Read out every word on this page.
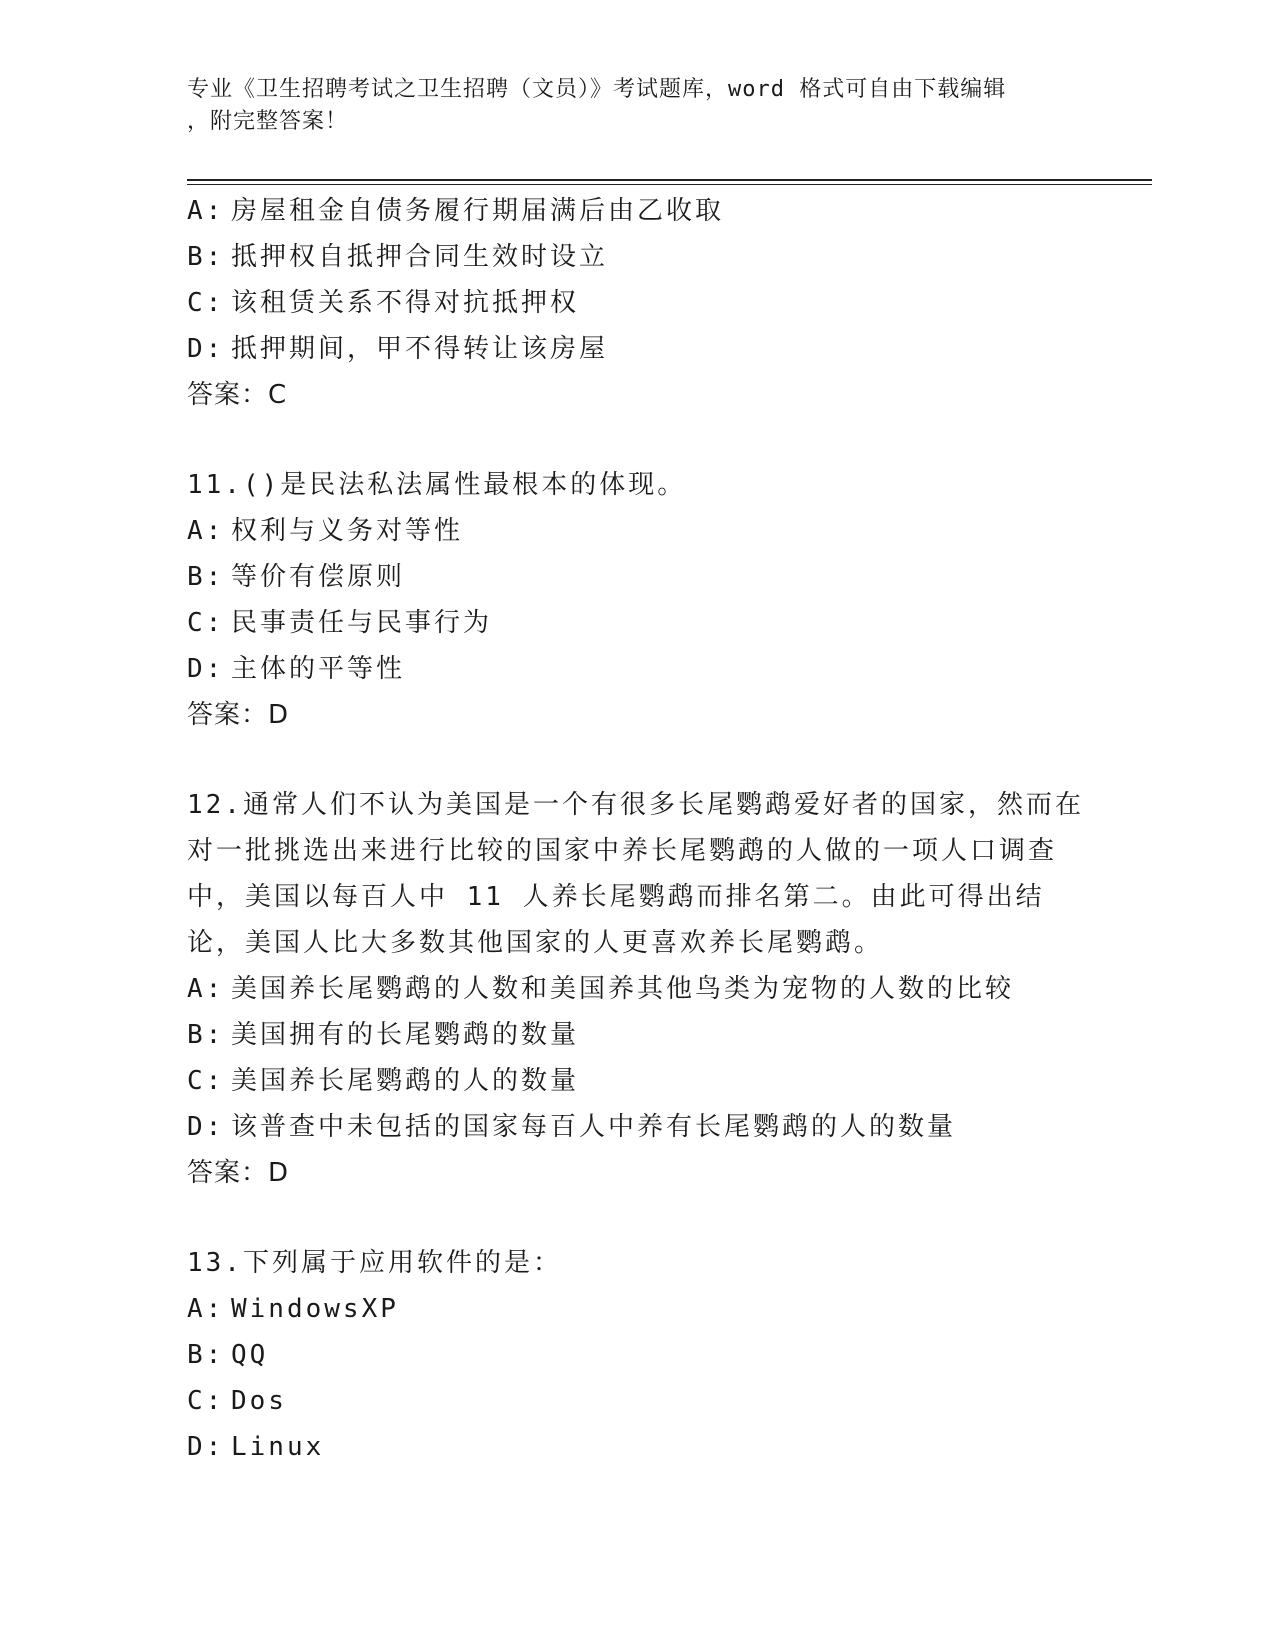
专业《卫生招聘考试之卫生招聘（文员）》考试题库，word 格式可自由下载编辑

，附完整答案！

A: 房屋租金自债务履行期届满后由乙收取
B: 抵押权自抵押合同生效时设立
C: 该租赁关系不得对抗抵押权
D: 抵押期间，甲不得转让该房屋
答案：C
11.()是民法私法属性最根本的体现。
A: 权利与义务对等性
B: 等价有偿原则
C: 民事责任与民事行为
D: 主体的平等性
答案：D
12.通常人们不认为美国是一个有很多长尾鹦鹉爱好者的国家，然而在对一批挑选出来进行比较的国家中养长尾鹦鹉的人做的一项人口调查中，美国以每百人中 11 人养长尾鹦鹉而排名第二。由此可得出结论，美国人比大多数其他国家的人更喜欢养长尾鹦鹉。
A: 美国养长尾鹦鹉的人数和美国养其他鸟类为宠物的人数的比较
B: 美国拥有的长尾鹦鹉的数量
C: 美国养长尾鹦鹉的人的数量
D: 该普查中未包括的国家每百人中养有长尾鹦鹉的人的数量
答案：D
13.下列属于应用软件的是：
A: WindowsXP
B: QQ
C: Dos
D: Linux
